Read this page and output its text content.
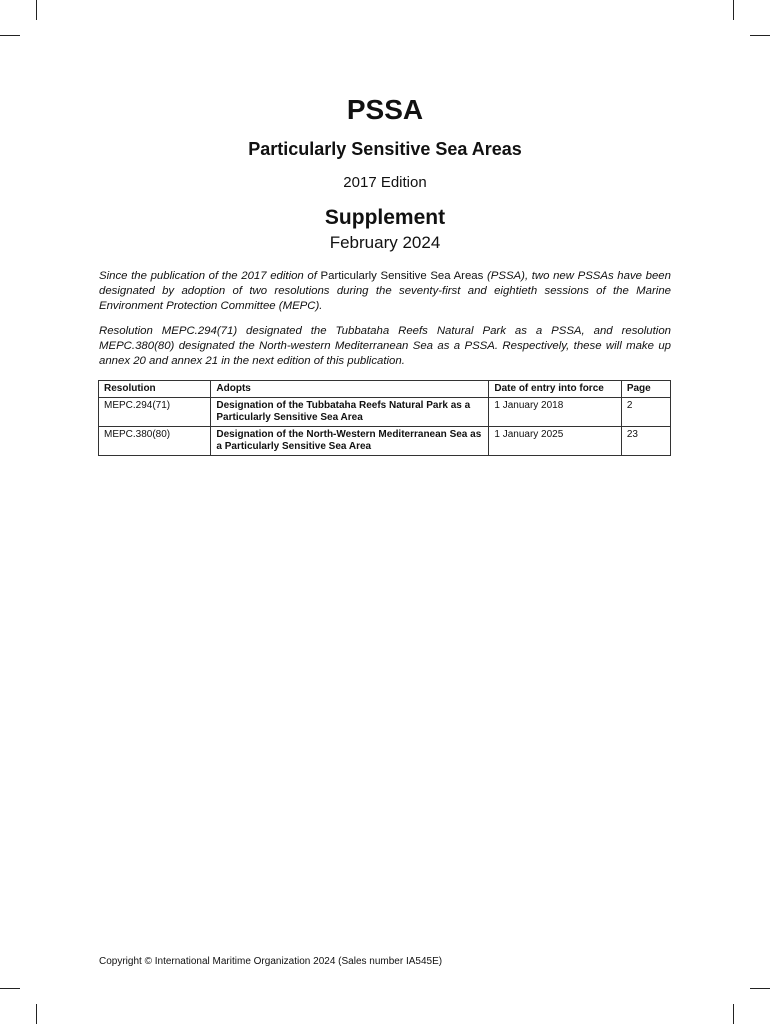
PSSA
Particularly Sensitive Sea Areas
2017 Edition
Supplement
February 2024
Since the publication of the 2017 edition of Particularly Sensitive Sea Areas (PSSA), two new PSSAs have been designated by adoption of two resolutions during the seventy-first and eightieth sessions of the Marine Environment Protection Committee (MEPC).
Resolution MEPC.294(71) designated the Tubbataha Reefs Natural Park as a PSSA, and resolution MEPC.380(80) designated the North-western Mediterranean Sea as a PSSA. Respectively, these will make up annex 20 and annex 21 in the next edition of this publication.
Resolution	Adopts	Date of entry into force	Page
MEPC.294(71)	Designation of the Tubbataha Reefs Natural Park as a Particularly Sensitive Sea Area	1 January 2018	2
MEPC.380(80)	Designation of the North-Western Mediterranean Sea as a Particularly Sensitive Sea Area	1 January 2025	23
Copyright © International Maritime Organization 2024 (Sales number IA545E)
